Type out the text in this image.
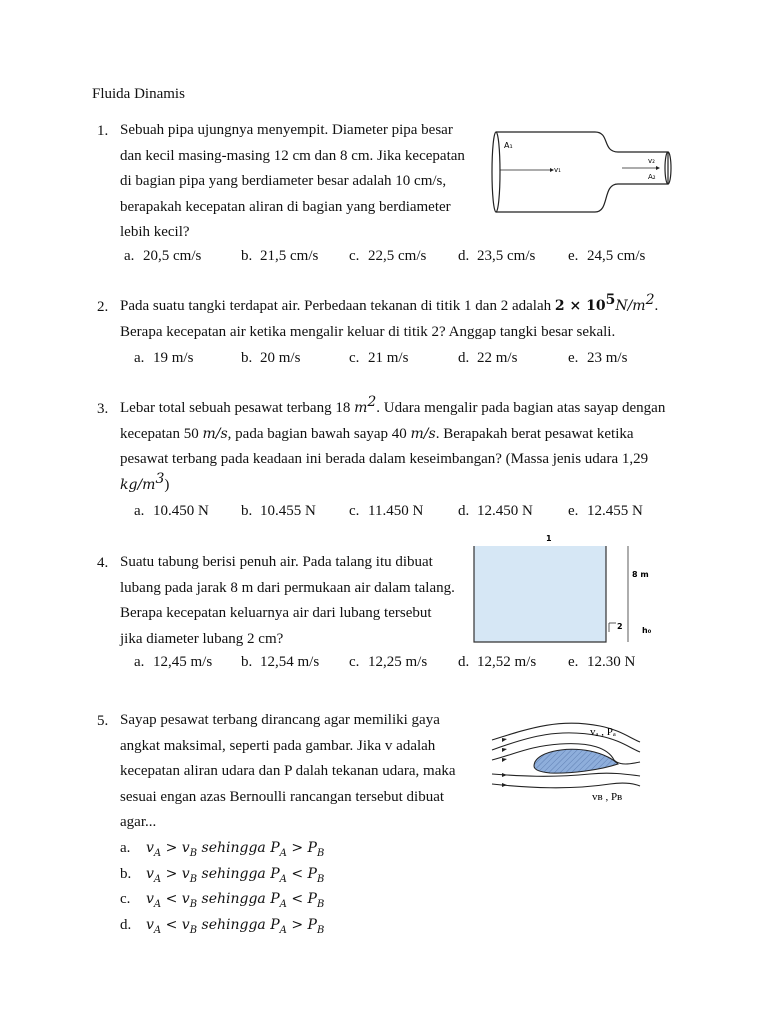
Fluida Dinamis
1. Sebuah pipa ujungnya menyempit. Diameter pipa besar
dan kecil masing-masing 12 cm dan 8 cm. Jika kecepatan
di bagian pipa yang berdiameter besar adalah 10 cm/s,
berapakah kecepatan aliran di bagian yang berdiameter
lebih kecil?
A₁
v₁
v₂
A₂
a. 20,5 cm/s	b. 21,5 cm/s c. 22,5 cm/s d. 23,5 cm/s e. 24,5 cm/s
2. Pada suatu tangki terdapat air. Perbedaan tekanan di titik 1 dan 2 adalah $2 \times 10^5N/m^2$.
Berapa kecepatan air ketika mengalir keluar di titik 2? Anggap tangki besar sekali.
a. 19 m/s	b. 20 m/s	c. 21 m/s	d. 22 m/s	e. 23 m/s
3. Lebar total sebuah pesawat terbang 18 $m^2$. Udara mengalir pada bagian atas sayap dengan
kecepatan 50 m/s, pada bagian bawah sayap 40 m/s. Berapakah berat pesawat ketika
pesawat terbang pada keadaan ini berada dalam keseimbangan? (Massa jenis udara 1,29
$kg/m^3$)
a. 10.450 N b. 10.455 N c. 11.450 N d. 12.450 N e. 12.455 N
4. Suatu tabung berisi penuh air. Pada talang itu dibuat
lubang pada jarak 8 m dari permukaan air dalam talang.
Berapa kecepatan keluarnya air dari lubang tersebut
jika diameter lubang 2 cm?
1
8 m
2 h₀
a. 12,45 m/s b. 12,54 m/s c. 12,25 m/s d. 12,52 m/s e. 12.30 N
5. Sayap pesawat terbang dirancang agar memiliki gaya
angkat maksimal, seperti pada gambar. Jika v adalah
kecepatan aliran udara dan P dalah tekanan udara, maka
sesuai engan azas Bernoulli rancangan tersebut dibuat
agar...
vₐ , Pₐ
vʙ , Pʙ
a. $v_A > v_B$ sehingga $P_A > P_B$
b. $v_A > v_B$ sehingga $P_A < P_B$
c. $v_A < v_B$ sehingga $P_A < P_B$
d. $v_A < v_B$ sehingga $P_A > P_B$
